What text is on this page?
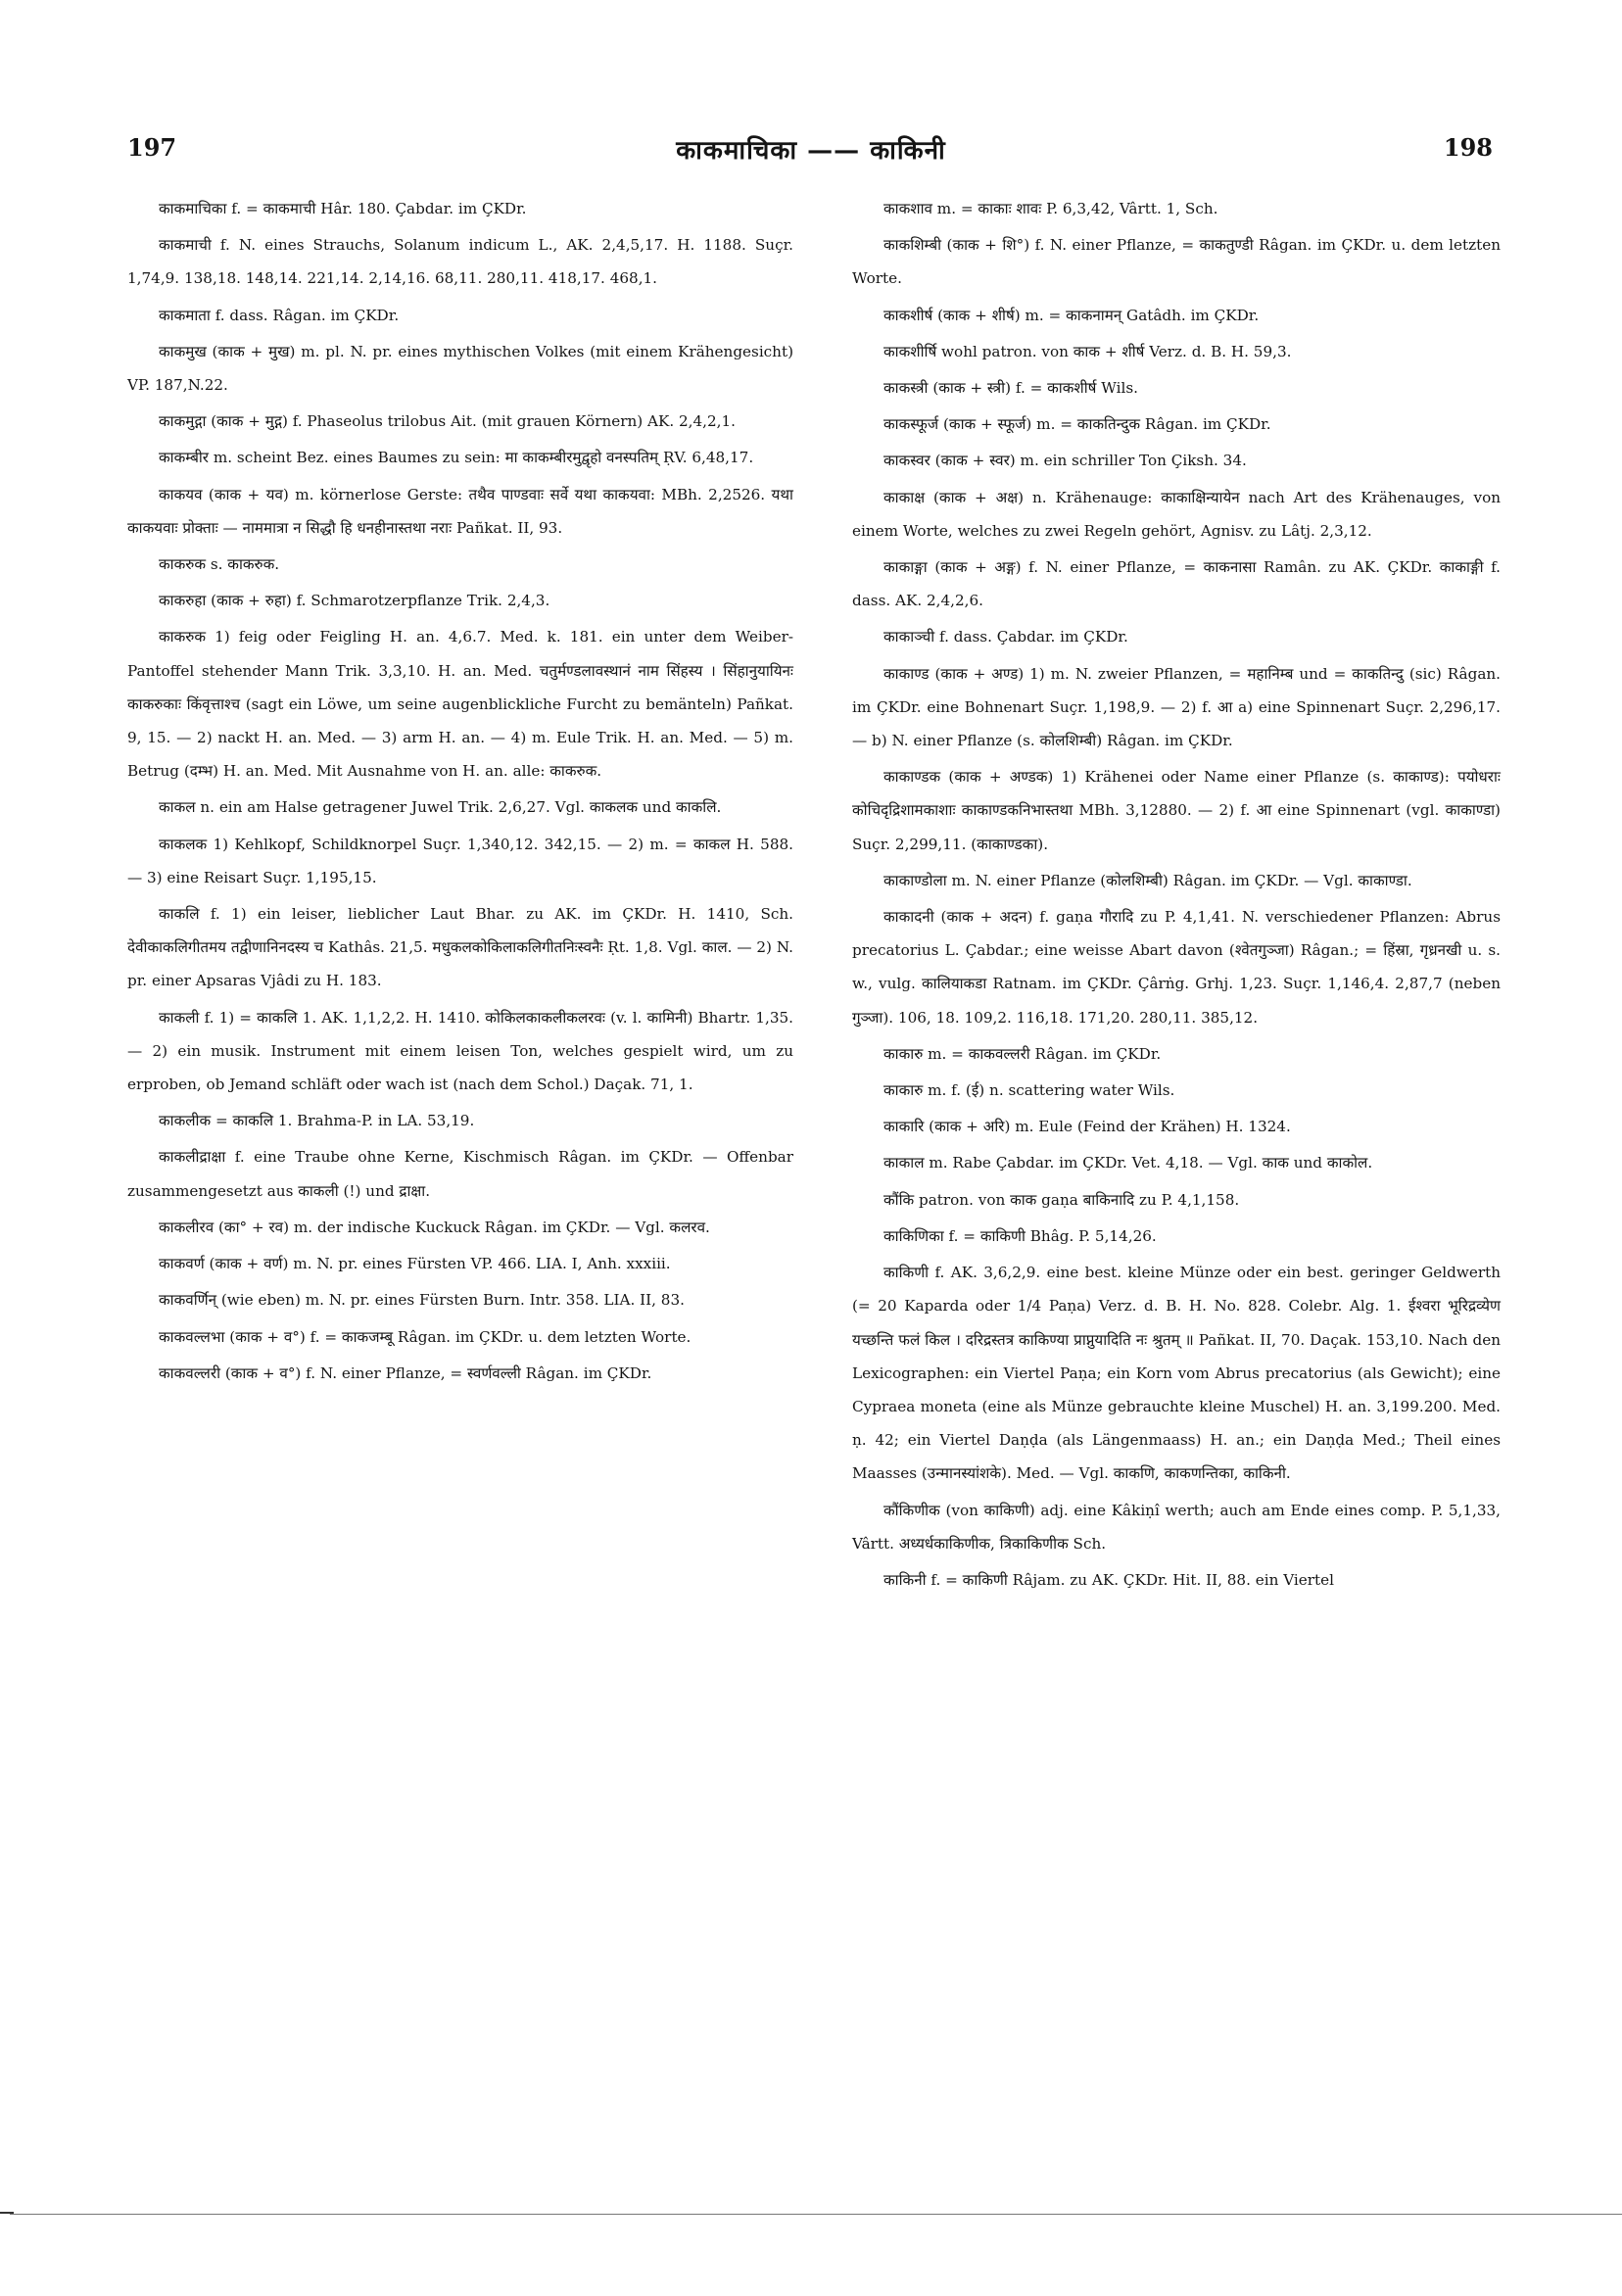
197	काकमाचिका —— काकिनी	198

काकमाचिका f. = काकमाची Hâr. 180. Çabdar. im ÇKDr.

काकमाची f. N. eines Strauchs, Solanum indicum L., AK. 2,4,5,17. H. 1188. Suçr. 1,74,9. 138,18. 148,14. 221,14. 2,14,16. 68,11. 280,11. 418,17. 468,1.

काकमाता f. dass. Râgan. im ÇKDr.

काकमुख (काक + मुख) m. pl. N. pr. eines mythischen Volkes (mit einem Krähengesicht) VP. 187,N.22.

काकमुद्गा (काक + मुद्ग) f. Phaseolus trilobus Ait. (mit grauen Körnern) AK. 2,4,2,1.

काकम्बीर m. scheint Bez. eines Baumes zu sein: मा काकम्बीरमुद्वृहो वनस्पतिम् ṚV. 6,48,17.

काकयव (काक + यव) m. körnerlose Gerste: तथैव पाण्डवाः सर्वे यथा काकयवा: MBh. 2,2526. यथा काकयवाः प्रोक्ताः — नाममात्रा न सिद्धौ हि धनहीनास्तथा नराः Pañkat. II, 93.

काकरुक s. काकरुक.

काकरुहा (काक + रुहा) f. Schmarotzerpflanze Trik. 2,4,3.

काकरुक 1) feig oder Feigling H. an. 4,6.7. Med. k. 181. ein unter dem Weiber-Pantoffel stehender Mann Trik. 3,3,10. H. an. Med. चतुर्मण्डलावस्थानं नाम सिंहस्य । सिंहानुयायिनः काकरुकाः किंवृत्ताश्च (sagt ein Löwe, um seine augenblickliche Furcht zu bemänteln) Pañkat. 9, 15. — 2) nackt H. an. Med. — 3) arm H. an. — 4) m. Eule Trik. H. an. Med. — 5) m. Betrug (दम्भ) H. an. Med. Mit Ausnahme von H. an. alle: काकरुक.

काकल n. ein am Halse getragener Juwel Trik. 2,6,27. Vgl. काकलक und काकलि.

काकलक 1) Kehlkopf, Schildknorpel Suçr. 1,340,12. 342,15. — 2) m. = काकल H. 588. — 3) eine Reisart Suçr. 1,195,15.

काकलि f. 1) ein leiser, lieblicher Laut Bhar. zu AK. im ÇKDr. H. 1410, Sch. देवीकाकलिगीतमय तद्वीणानिनदस्य च Kathâs. 21,5. मधुकलकोकिलाकलिगीतनिःस्वनैः Ṛt. 1,8. Vgl. काल. — 2) N. pr. einer Apsaras Vjâdi zu H. 183.

काकली f. 1) = काकलि 1. AK. 1,1,2,2. H. 1410. कोकिलकाकलीकलरवः (v. l. कामिनी) Bhartr. 1,35. — 2) ein musik. Instrument mit einem leisen Ton, welches gespielt wird, um zu erproben, ob Jemand schläft oder wach ist (nach dem Schol.) Daçak. 71, 1.

काकलीक = काकलि 1. Brahma-P. in LA. 53,19.

काकलीद्राक्षा f. eine Traube ohne Kerne, Kischmisch Râgan. im ÇKDr. — Offenbar zusammengesetzt aus काकली (!) und द्राक्षा.

काकलीरव (का° + रव) m. der indische Kuckuck Râgan. im ÇKDr. — Vgl. कलरव.

काकवर्ण (काक + वर्ण) m. N. pr. eines Fürsten VP. 466. LIA. I, Anh. xxxiii.

काकवर्णिन् (wie eben) m. N. pr. eines Fürsten Burn. Intr. 358. LIA. II, 83.

काकवल्लभा (काक + व°) f. = काकजम्बू Râgan. im ÇKDr. u. dem letzten Worte.

काकवल्लरी (काक + व°) f. N. einer Pflanze, = स्वर्णवल्ली Râgan. im ÇKDr.

काकशाव m. = काकाः शावः P. 6,3,42, Vârtt. 1, Sch.

काकशिम्बी (काक + शि°) f. N. einer Pflanze, = काकतुण्डी Râgan. im ÇKDr. u. dem letzten Worte.

काकशीर्ष (काक + शीर्ष) m. = काकनामन् Gatâdh. im ÇKDr.

काकशीर्षि wohl patron. von काक + शीर्ष Verz. d. B. H. 59,3.

काकस्त्री (काक + स्त्री) f. = काकशीर्ष Wils.

काकस्फूर्ज (काक + स्फूर्ज) m. = काकतिन्दुक Râgan. im ÇKDr.

काकस्वर (काक + स्वर) m. ein schriller Ton Çiksh. 34.

काकाक्ष (काक + अक्ष) n. Krähenauge: काकाक्षिन्यायेन nach Art des Krähenauges, von einem Worte, welches zu zwei Regeln gehört, Agnisv. zu Lâtj. 2,3,12.

काकाङ्गा (काक + अङ्ग) f. N. einer Pflanze, = काकनासा Ramân. zu AK. ÇKDr. काकाङ्गी f. dass. AK. 2,4,2,6.

काकाञ्ची f. dass. Çabdar. im ÇKDr.

काकाण्ड (काक + अण्ड) 1) m. N. zweier Pflanzen, = महानिम्ब und = काकतिन्दु (sic) Râgan. im ÇKDr. eine Bohnenart Suçr. 1,198,9. — 2) f. आ a) eine Spinnenart Suçr. 2,296,17. — b) N. einer Pflanze (s. कोलशिम्बी) Râgan. im ÇKDr.

काकाण्डक (काक + अण्डक) 1) Krähenei oder Name einer Pflanze (s. काकाण्ड): पयोधराः कोचिदृद्रिशामकाशाः काकाण्डकनिभास्तथा MBh. 3,12880. — 2) f. आ eine Spinnenart (vgl. काकाण्डा) Suçr. 2,299,11. (काकाण्डका).

काकाण्डोला m. N. einer Pflanze (कोलशिम्बी) Râgan. im ÇKDr. — Vgl. काकाण्डा.

काकादनी (काक + अदन) f. gaṇa गौरादि zu P. 4,1,41. N. verschiedener Pflanzen: Abrus precatorius L. Çabdar.; eine weisse Abart davon (श्वेतगुञ्जा) Râgan.; = हिंस्रा, गृध्रनखी u. s. w., vulg. कालियाकडा Ratnam. im ÇKDr. Çârṅg. Grhj. 1,23. Suçr. 1,146,4. 2,87,7 (neben गुञ्जा). 106, 18. 109,2. 116,18. 171,20. 280,11. 385,12.

काकारु m. = काकवल्लरी Râgan. im ÇKDr.

काकारु m. f. (ई) n. scattering water Wils.

काकारि (काक + अरि) m. Eule (Feind der Krähen) H. 1324.

काकाल m. Rabe Çabdar. im ÇKDr. Vet. 4,18. — Vgl. काक und काकोल.

कौंकि patron. von काक gaṇa बाकिनादि zu P. 4,1,158.

काकिणिका f. = काकिणी Bhâg. P. 5,14,26.

काकिणी f. AK. 3,6,2,9. eine best. kleine Münze oder ein best. geringer Geldwerth (= 20 Kaparda oder 1/4 Paṇa) Verz. d. B. H. No. 828. Colebr. Alg. 1. ईश्वरा भूरिद्रव्येण यच्छन्ति फलं किल । दरिद्रस्तत्र काकिण्या प्राप्नुयादिति नः श्रुतम् ॥ Pañkat. II, 70. Daçak. 153,10. Nach den Lexicographen: ein Viertel Paṇa; ein Korn vom Abrus precatorius (als Gewicht); eine Cypraea moneta (eine als Münze gebrauchte kleine Muschel) H. an. 3,199.200. Med. ṇ. 42; ein Viertel Daṇḍa (als Längenmaass) H. an.; ein Daṇḍa Med.; Theil eines Maasses (उन्मानस्यांशके). Med. — Vgl. काकणि, काकणन्तिका, काकिनी.

कौंकिणीक (von काकिणी) adj. eine Kâkiṇî werth; auch am Ende eines comp. P. 5,1,33, Vârtt. अध्यर्धकाकिणीक, त्रिकाकिणीक Sch.

काकिनी f. = काकिणी Râjam. zu AK. ÇKDr. Hit. II, 88. ein Viertel
